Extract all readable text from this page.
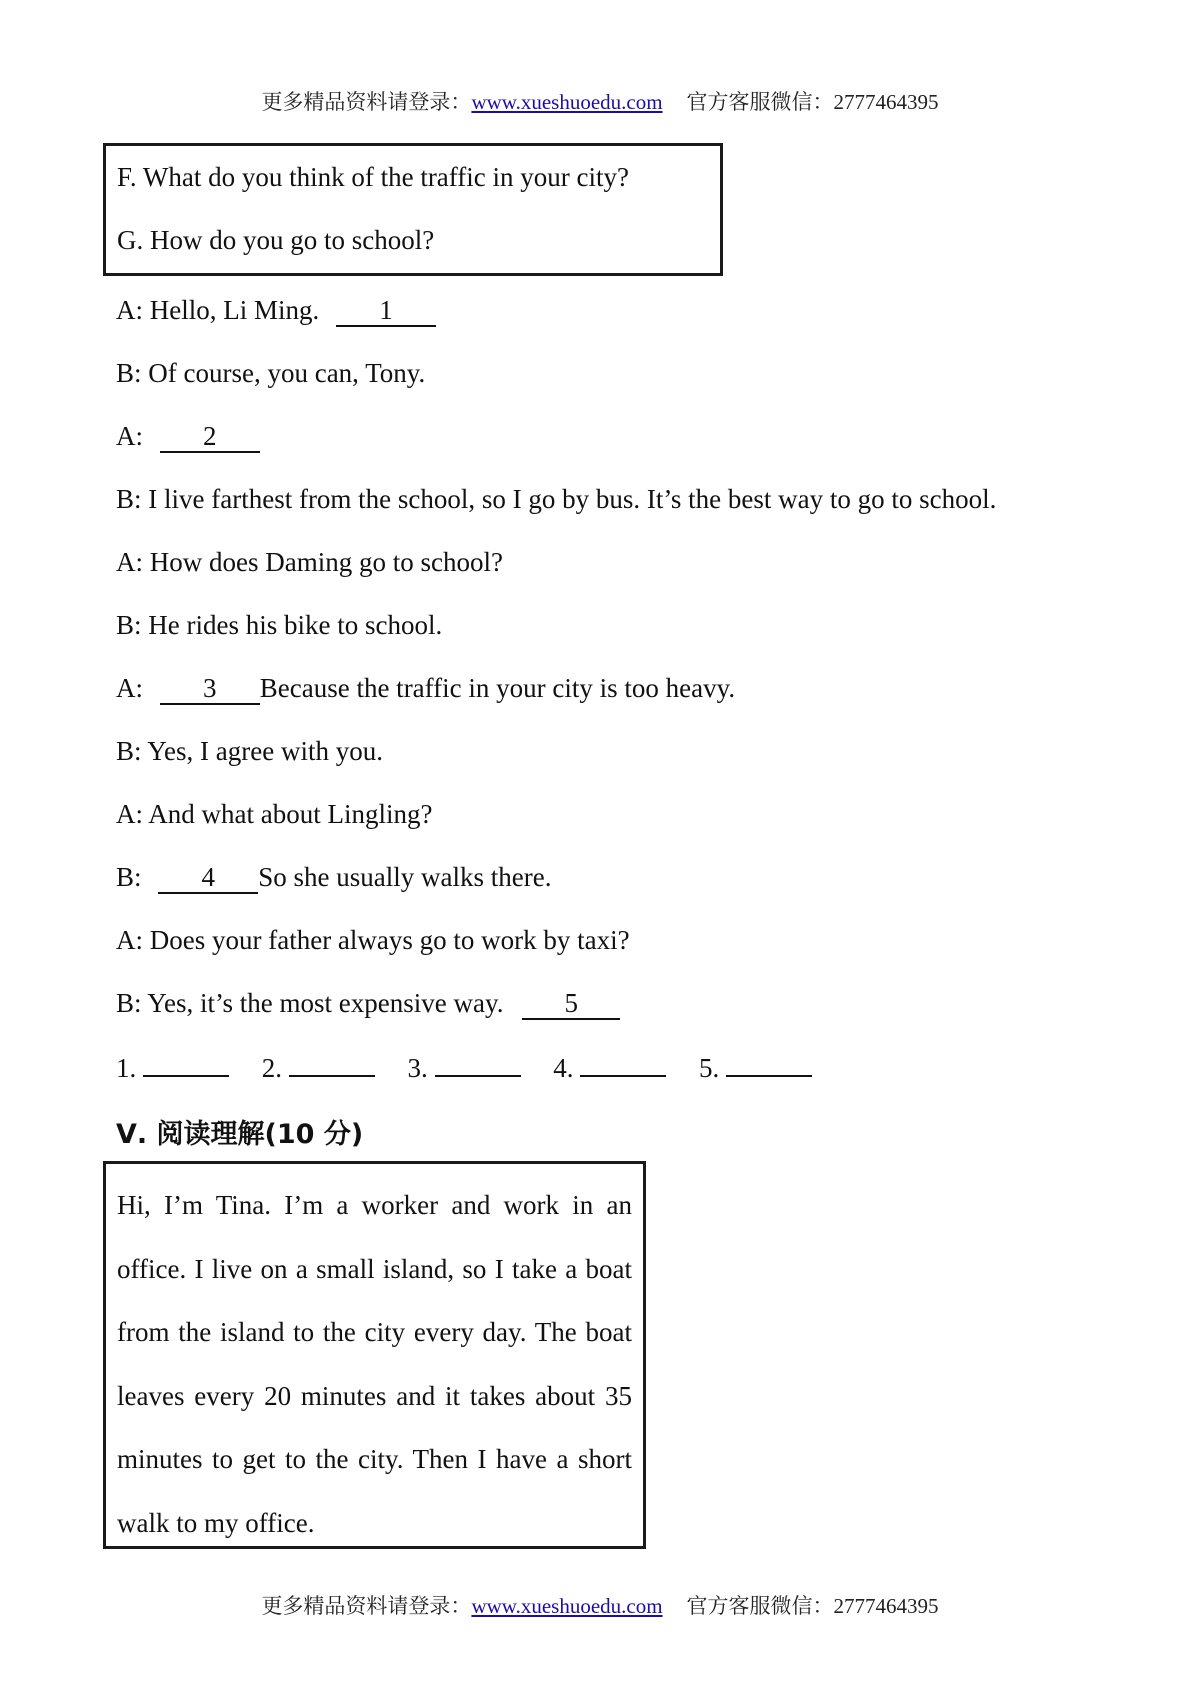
更多精品资料请登录：www.xueshuoedu.com 官方客服微信：2777464395
F. What do you think of the traffic in your city?
G. How do you go to school?
A: Hello, Li Ming. 1
B: Of course, you can, Tony.
A: 2
B: I live farthest from the school, so I go by bus. It’s the best way to go to school.
A: How does Daming go to school?
B: He rides his bike to school.
A: 3 Because the traffic in your city is too heavy.
B: Yes, I agree with you.
A: And what about Lingling?
B: 4 So she usually walks there.
A: Does your father always go to work by taxi?
B: Yes, it’s the most expensive way. 5
1.	2.	3.	4.	5.
Ⅴ. 阅读理解(10 分)
Hi, I’m Tina. I’m a worker and work in an office. I live on a small island, so I take a boat from the island to the city every day. The boat leaves every 20 minutes and it takes about 35 minutes to get to the city. Then I have a short walk to my office.
更多精品资料请登录：www.xueshuoedu.com 官方客服微信：2777464395
